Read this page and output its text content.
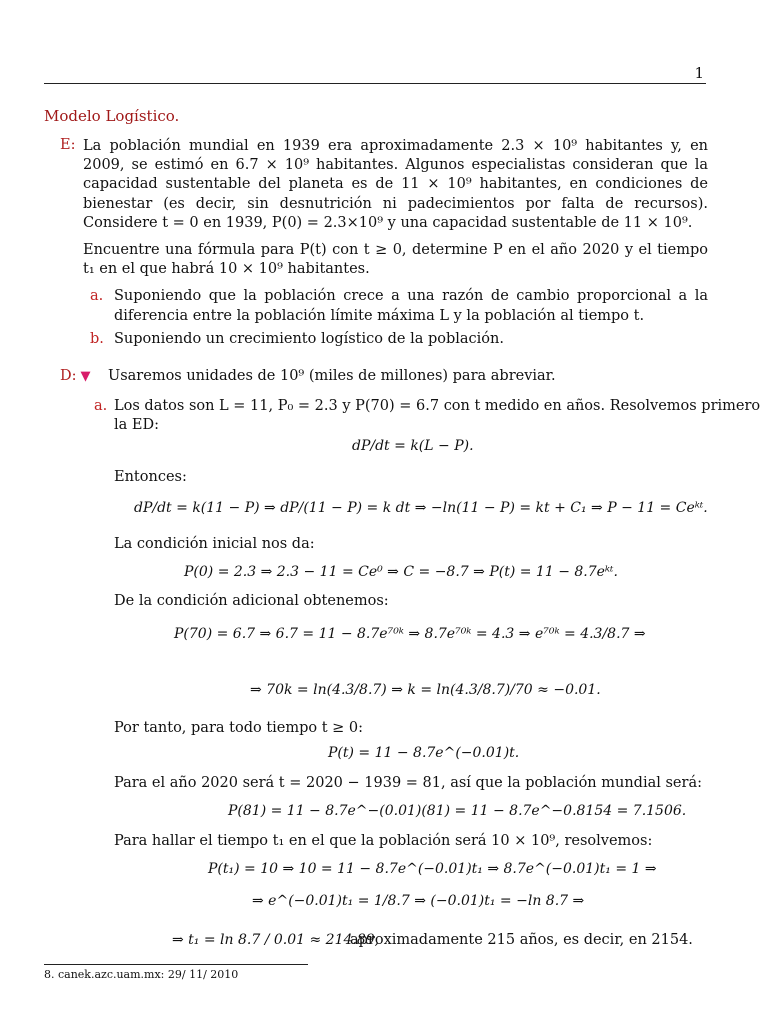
1
Modelo Logístico.
E: La población mundial en 1939 era aproximadamente 2.3 × 10⁹ habitantes y, en 2009, se estimó en 6.7 × 10⁹ habitantes. Algunos especialistas consideran que la capacidad sustentable del planeta es de 11 × 10⁹ habitantes, en condiciones de bienestar (es decir, sin desnutrición ni padecimientos por falta de recursos). Considere t = 0 en 1939, P(0) = 2.3×10⁹ y una capacidad sustentable de 11 × 10⁹.
Encuentre una fórmula para P(t) con t ≥ 0, determine P en el año 2020 y el tiempo t₁ en el que habrá 10 × 10⁹ habitantes.
a. Suponiendo que la población crece a una razón de cambio proporcional a la diferencia entre la población límite máxima L y la población al tiempo t.
b. Suponiendo un crecimiento logístico de la población.
D: ▼ Usaremos unidades de 10⁹ (miles de millones) para abreviar.
a. Los datos son L = 11, P₀ = 2.3 y P(70) = 6.7 con t medido en años. Resolvemos primero
la ED:
dP/dt = k(L − P).
Entonces:
dP/dt = k(11 − P) ⇒ dP/(11 − P) = k dt ⇒ −ln(11 − P) = kt + C₁ ⇒ P − 11 = Ceᵏᵗ.
La condición inicial nos da:
P(0) = 2.3 ⇒ 2.3 − 11 = Ce⁰ ⇒ C = −8.7 ⇒ P(t) = 11 − 8.7eᵏᵗ.
De la condición adicional obtenemos:
P(70) = 6.7 ⇒ 6.7 = 11 − 8.7e⁷⁰ᵏ ⇒ 8.7e⁷⁰ᵏ = 4.3 ⇒ e⁷⁰ᵏ = 4.3/8.7 ⇒
⇒ 70k = ln(4.3/8.7) ⇒ k = ln(4.3/8.7)/70 ≈ −0.01.
Por tanto, para todo tiempo t ≥ 0:
P(t) = 11 − 8.7e^(−0.01)t.
Para el año 2020 será t = 2020 − 1939 = 81, así que la población mundial será:
P(81) = 11 − 8.7e^−(0.01)(81) = 11 − 8.7e^−0.8154 = 7.1506.
Para hallar el tiempo t₁ en el que la población será 10 × 10⁹, resolvemos:
P(t₁) = 10 ⇒ 10 = 11 − 8.7e^(−0.01)t₁ ⇒ 8.7e^(−0.01)t₁ = 1 ⇒
⇒ e^(−0.01)t₁ = 1/8.7 ⇒ (−0.01)t₁ = −ln 8.7 ⇒
⇒ t₁ = ln 8.7 / 0.01 ≈ 214.89,
aproximadamente 215 años, es decir, en 2154.
8. canek.azc.uam.mx: 29/ 11/ 2010
